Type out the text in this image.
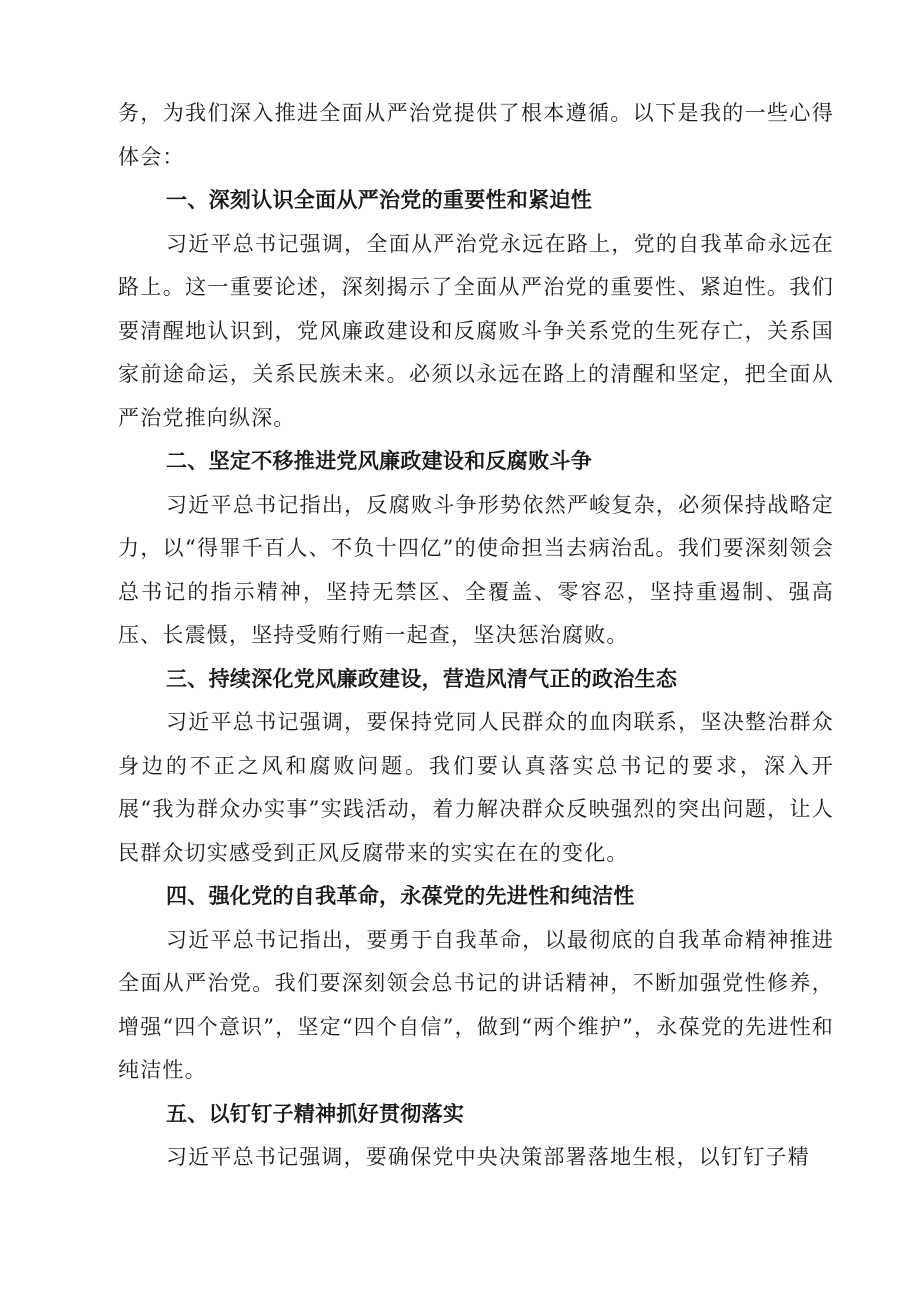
务，为我们深入推进全面从严治党提供了根本遵循。以下是我的一些心得体会：

一、深刻认识全面从严治党的重要性和紧迫性

习近平总书记强调，全面从严治党永远在路上，党的自我革命永远在路上。这一重要论述，深刻揭示了全面从严治党的重要性、紧迫性。我们要清醒地认识到，党风廉政建设和反腐败斗争关系党的生死存亡，关系国家前途命运，关系民族未来。必须以永远在路上的清醒和坚定，把全面从严治党推向纵深。

二、坚定不移推进党风廉政建设和反腐败斗争

习近平总书记指出，反腐败斗争形势依然严峻复杂，必须保持战略定力，以“得罪千百人、不负十四亿”的使命担当去病治乱。我们要深刻领会总书记的指示精神，坚持无禁区、全覆盖、零容忍，坚持重遏制、强高压、长震慑，坚持受贿行贿一起查，坚决惩治腐败。

三、持续深化党风廉政建设，营造风清气正的政治生态

习近平总书记强调，要保持党同人民群众的血肉联系，坚决整治群众身边的不正之风和腐败问题。我们要认真落实总书记的要求，深入开展“我为群众办实事”实践活动，着力解决群众反映强烈的突出问题，让人民群众切实感受到正风反腐带来的实实在在的变化。

四、强化党的自我革命，永葆党的先进性和纯洁性

习近平总书记指出，要勇于自我革命，以最彻底的自我革命精神推进全面从严治党。我们要深刻领会总书记的讲话精神，不断加强党性修养，增强“四个意识”，坚定“四个自信”，做到“两个维护”，永葆党的先进性和纯洁性。

五、以钉钉子精神抓好贯彻落实

习近平总书记强调，要确保党中央决策部署落地生根，以钉钉子精
